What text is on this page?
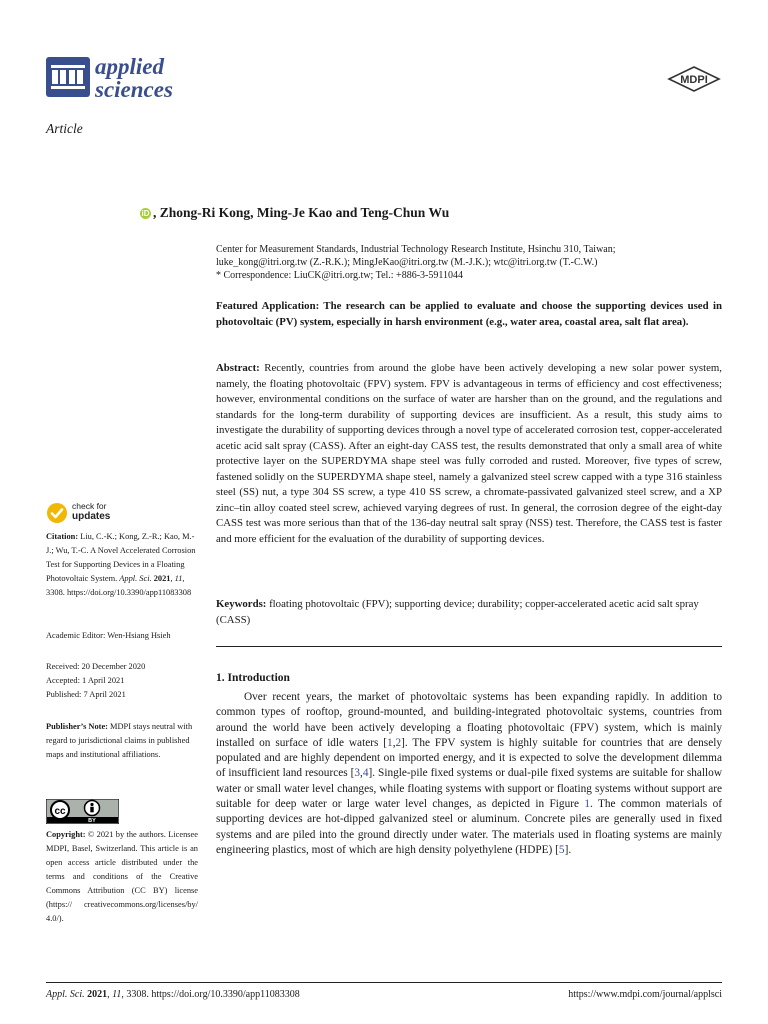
applied
sciences	MDPI
Article
iD , Zhong-Ri Kong, Ming-Je Kao and Teng-Chun Wu

Center for Measurement Standards, Industrial Technology Research Institute, Hsinchu 310, Taiwan;

luke_kong@itri.org.tw (Z.-R.K.); MingJeKao@itri.org.tw (M.-J.K.); wtc@itri.org.tw (T.-C.W.)

* Correspondence: LiuCK@itri.org.tw; Tel.: +886-3-5911044

Featured Application: The research can be applied to evaluate and choose the supporting devices used in photovoltaic (PV) system, especially in harsh environment (e.g., water area, coastal area, salt flat area).
Abstract: Recently, countries from around the globe have been actively developing a new solar power system, namely, the floating photovoltaic (FPV) system. FPV is advantageous in terms of efficiency and cost effectiveness; however, environmental conditions on the surface of water are harsher than on the ground, and the regulations and standards for the long-term durability of supporting devices are insufficient. As a result, this study aims to investigate the durability of supporting devices through a novel type of accelerated corrosion test, copper-accelerated acetic acid salt spray (CASS). After an eight-day CASS test, the results demonstrated that only a small area of white protective layer on the SUPERDYMA shape steel was fully corroded and rusted. Moreover, five types of screw, fastened solidly on the SUPERDYMA shape steel, namely a galvanized steel screw capped with a type 316 stainless steel (SS) nut, a type 304 SS screw, a type 410 SS screw, a chromate-passivated galvanized steel screw, and a XP zinc–tin alloy coated steel screw, achieved varying degrees of rust. In general, the corrosion degree of the eight-day CASS test was more serious than that of the 136-day neutral salt spray (NSS) test. Therefore, the CASS test is faster and more efficient for the evaluation of the durability of supporting devices.
Keywords: floating photovoltaic (FPV); supporting device; durability; copper-accelerated acetic acid salt spray (CASS)
1. Introduction
Over recent years, the market of photovoltaic systems has been expanding rapidly. In addition to common types of rooftop, ground-mounted, and building-integrated photovoltaic systems, countries from around the world have been actively developing a floating photovoltaic (FPV) system, which is mainly installed on surface of idle waters [1,2]. The FPV system is highly suitable for countries that are densely populated and are highly dependent on imported energy, and it is expected to solve the development dilemma of insufficient land resources [3,4]. Single-pile fixed systems or dual-pile fixed systems are suitable for shallow water or small water level changes, while floating systems with support or floating systems without support are suitable for deep water or large water level changes, as depicted in Figure 1. The common materials of supporting devices are hot-dipped galvanized steel or aluminum. Concrete piles are generally used in fixed systems and are piled into the ground directly under water. The materials used in floating systems are mainly engineering plastics, most of which are high density polyethylene (HDPE) [5].
check for
updates

Citation: Liu, C.-K.; Kong, Z.-R.; Kao, M.-J.; Wu, T.-C. A Novel Accelerated Corrosion Test for Supporting Devices in a Floating Photovoltaic System. Appl. Sci. 2021, 11, 3308. https://doi.org/10.3390/app11083308

Academic Editor: Wen-Hsiang Hsieh

Received: 20 December 2020

Accepted: 1 April 2021

Published: 7 April 2021

Publisher’s Note: MDPI stays neutral with regard to jurisdictional claims in published maps and institutional affiliations.

cc
BY

Copyright: © 2021 by the authors. Licensee MDPI, Basel, Switzerland. This article is an open access article distributed under the terms and conditions of the Creative Commons Attribution (CC BY) license (https:// creativecommons.org/licenses/by/ 4.0/).

Appl. Sci. 2021, 11, 3308. https://doi.org/10.3390/app11083308	https://www.mdpi.com/journal/applsci
